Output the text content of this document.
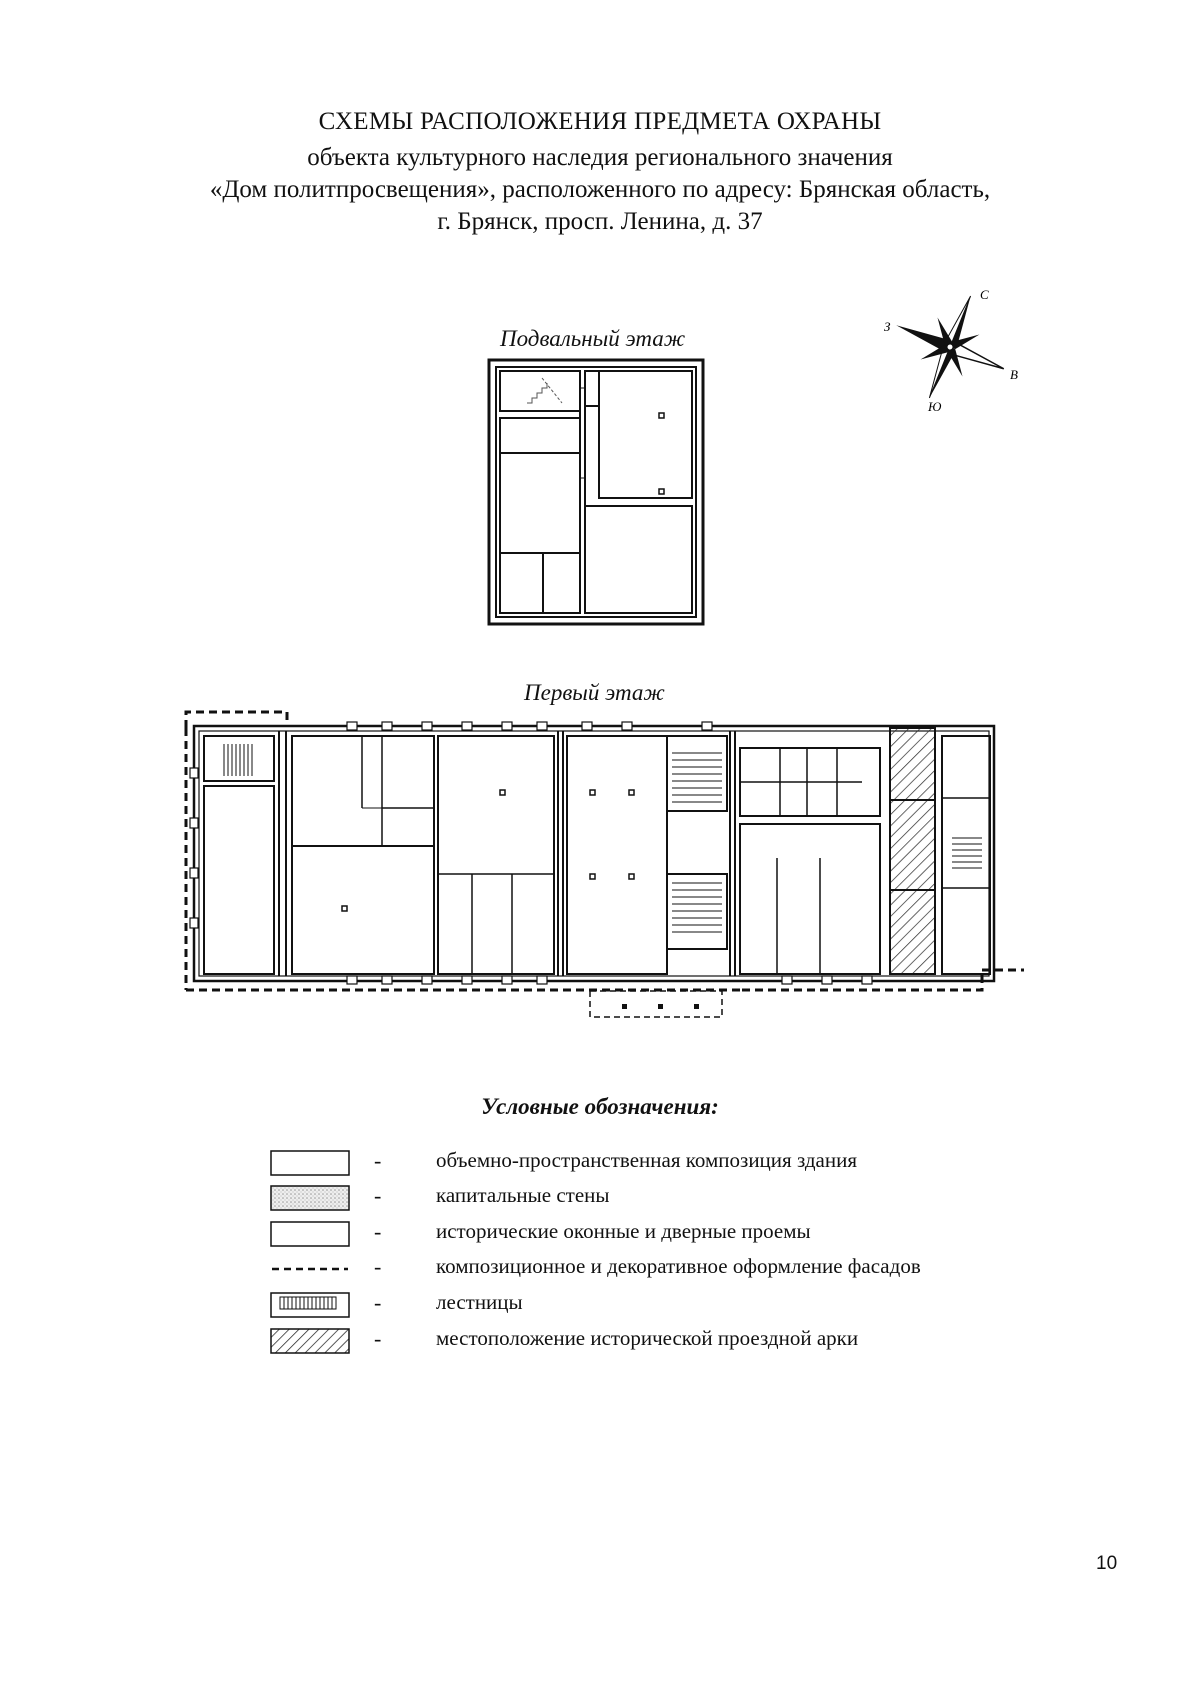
СХЕМЫ РАСПОЛОЖЕНИЯ ПРЕДМЕТА ОХРАНЫ
объекта культурного наследия регионального значения
«Дом политпросвещения», расположенного по адресу: Брянская область,
г. Брянск, просп. Ленина, д. 37
С
Ю
З
В
Подвальный этаж
Первый этаж
Условные обозначения:
-	объемно-пространственная композиция здания
-	капитальные стены
-	исторические оконные и дверные проемы
-	композиционное и декоративное оформление фасадов
-	лестницы
-	местоположение исторической проездной арки
10
